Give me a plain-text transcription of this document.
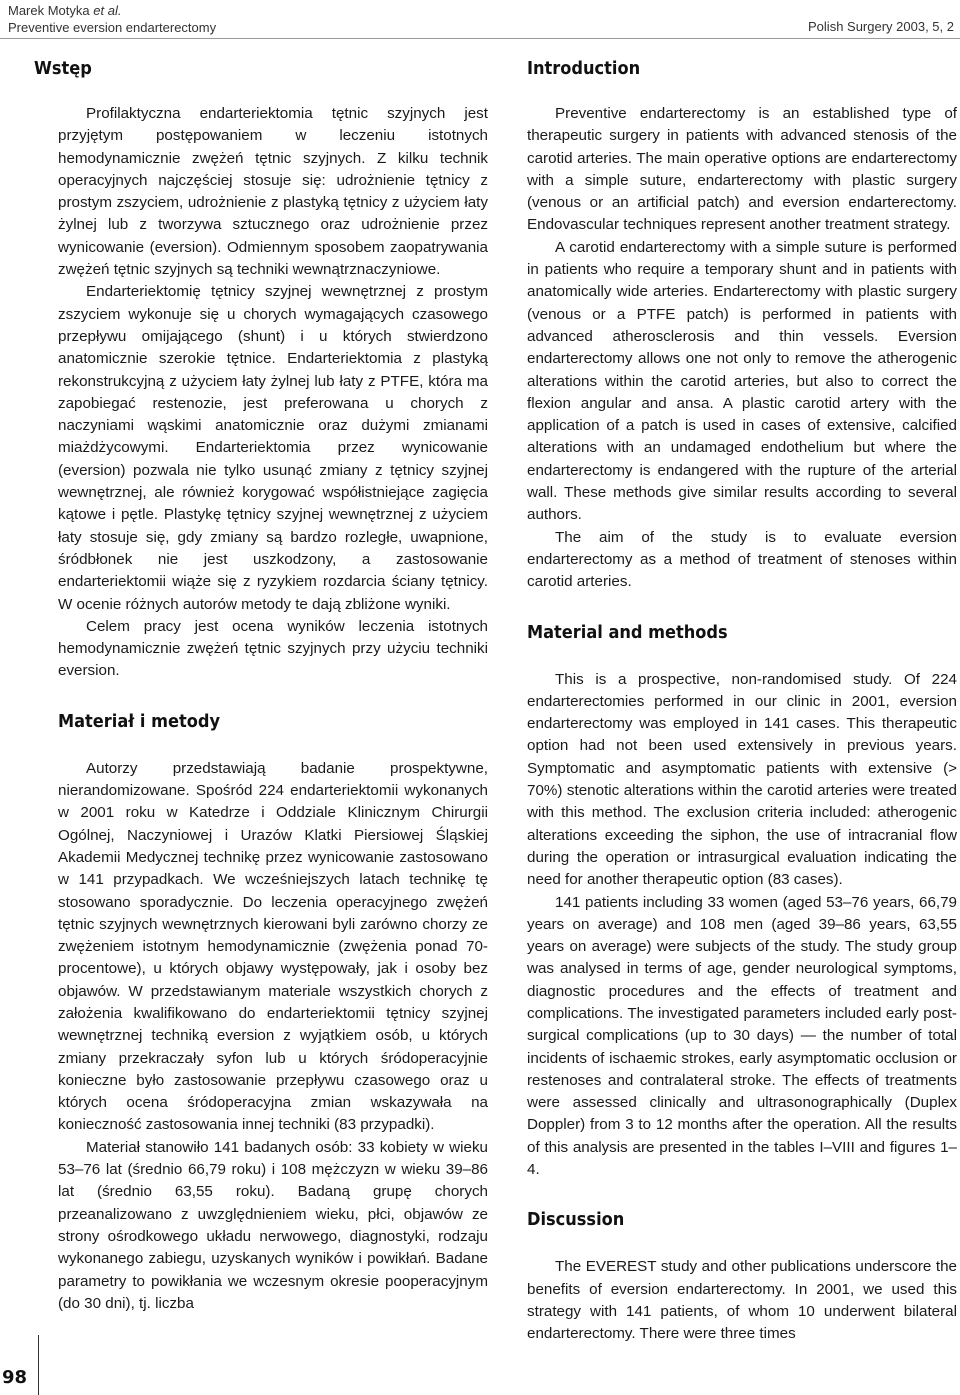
Marek Motyka et al.
Preventive eversion endarterectomy	Polish Surgery 2003, 5, 2
Wstęp

Profilaktyczna endarteriektomia tętnic szyjnych jest przyjętym postępowaniem w leczeniu istotnych hemodynamicznie zwężeń tętnic szyjnych. Z kilku technik operacyjnych najczęściej stosuje się: udrożnienie tętnicy z prostym zszyciem, udrożnienie z plastyką tętnicy z użyciem łaty żylnej lub z tworzywa sztucznego oraz udrożnienie przez wynicowanie (eversion). Odmiennym sposobem zaopatrywania zwężeń tętnic szyjnych są techniki wewnątrznaczyniowe.

Endarteriektomię tętnicy szyjnej wewnętrznej z prostym zszyciem wykonuje się u chorych wymagających czasowego przepływu omijającego (shunt) i u których stwierdzono anatomicznie szerokie tętnice. Endarteriektomia z plastyką rekonstrukcyjną z użyciem łaty żylnej lub łaty z PTFE, która ma zapobiegać restenozie, jest preferowana u chorych z naczyniami wąskimi anatomicznie oraz dużymi zmianami miażdżycowymi. Endarteriektomia przez wynicowanie (eversion) pozwala nie tylko usunąć zmiany z tętnicy szyjnej wewnętrznej, ale również korygować współistniejące zagięcia kątowe i pętle. Plastykę tętnicy szyjnej wewnętrznej z użyciem łaty stosuje się, gdy zmiany są bardzo rozległe, uwapnione, śródbłonek nie jest uszkodzony, a zastosowanie endarteriektomii wiąże się z ryzykiem rozdarcia ściany tętnicy. W ocenie różnych autorów metody te dają zbliżone wyniki.

Celem pracy jest ocena wyników leczenia istotnych hemodynamicznie zwężeń tętnic szyjnych przy użyciu techniki eversion.

Materiał i metody

Autorzy przedstawiają badanie prospektywne, nierandomizowane. Spośród 224 endarteriektomii wykonanych w 2001 roku w Katedrze i Oddziale Klinicznym Chirurgii Ogólnej, Naczyniowej i Urazów Klatki Piersiowej Śląskiej Akademii Medycznej technikę przez wynicowanie zastosowano w 141 przypadkach. We wcześniejszych latach technikę tę stosowano sporadycznie. Do leczenia operacyjnego zwężeń tętnic szyjnych wewnętrznych kierowani byli zarówno chorzy ze zwężeniem istotnym hemodynamicznie (zwężenia ponad 70-procentowe), u których objawy występowały, jak i osoby bez objawów. W przedstawianym materiale wszystkich chorych z założenia kwalifikowano do endarteriektomii tętnicy szyjnej wewnętrznej techniką eversion z wyjątkiem osób, u których zmiany przekraczały syfon lub u których śródoperacyjnie konieczne było zastosowanie przepływu czasowego oraz u których ocena śródoperacyjna zmian wskazywała na konieczność zastosowania innej techniki (83 przypadki).

Materiał stanowiło 141 badanych osób: 33 kobiety w wieku 53–76 lat (średnio 66,79 roku) i 108 mężczyzn w wieku 39–86 lat (średnio 63,55 roku). Badaną grupę chorych przeanalizowano z uwzględnieniem wieku, płci, objawów ze strony ośrodkowego układu nerwowego, diagnostyki, rodzaju wykonanego zabiegu, uzyskanych wyników i powikłań. Badane parametry to powikłania we wczesnym okresie pooperacyjnym (do 30 dni), tj. liczba

Introduction

Preventive endarterectomy is an established type of therapeutic surgery in patients with advanced stenosis of the carotid arteries. The main operative options are endarterectomy with a simple suture, endarterectomy with plastic surgery (venous or an artificial patch) and eversion endarterectomy. Endovascular techniques represent another treatment strategy.

A carotid endarterectomy with a simple suture is performed in patients who require a temporary shunt and in patients with anatomically wide arteries. Endarterectomy with plastic surgery (venous or a PTFE patch) is performed in patients with advanced atherosclerosis and thin vessels. Eversion endarterectomy allows one not only to remove the atherogenic alterations within the carotid arteries, but also to correct the flexion angular and ansa. A plastic carotid artery with the application of a patch is used in cases of extensive, calcified alterations with an undamaged endothelium but where the endarterectomy is endangered with the rupture of the arterial wall. These methods give similar results according to several authors.

The aim of the study is to evaluate eversion endarterectomy as a method of treatment of stenoses within carotid arteries.

Material and methods

This is a prospective, non-randomised study. Of 224 endarterectomies performed in our clinic in 2001, eversion endarterectomy was employed in 141 cases. This therapeutic option had not been used extensively in previous years. Symptomatic and asymptomatic patients with extensive (> 70%) stenotic alterations within the carotid arteries were treated with this method. The exclusion criteria included: atherogenic alterations exceeding the siphon, the use of intracranial flow during the operation or intrasurgical evaluation indicating the need for another therapeutic option (83 cases).

141 patients including 33 women (aged 53–76 years, 66,79 years on average) and 108 men (aged 39–86 years, 63,55 years on average) were subjects of the study. The study group was analysed in terms of age, gender neurological symptoms, diagnostic procedures and the effects of treatment and complications. The investigated parameters included early post-surgical complications (up to 30 days) — the number of total incidents of ischaemic strokes, early asymptomatic occlusion or restenoses and contralateral stroke. The effects of treatments were assessed clinically and ultrasonographically (Duplex Doppler) from 3 to 12 months after the operation. All the results of this analysis are presented in the tables I–VIII and figures 1–4.

Discussion

The EVEREST study and other publications underscore the benefits of eversion endarterectomy. In 2001, we used this strategy with 141 patients, of whom 10 underwent bilateral endarterectomy. There were three times

98
